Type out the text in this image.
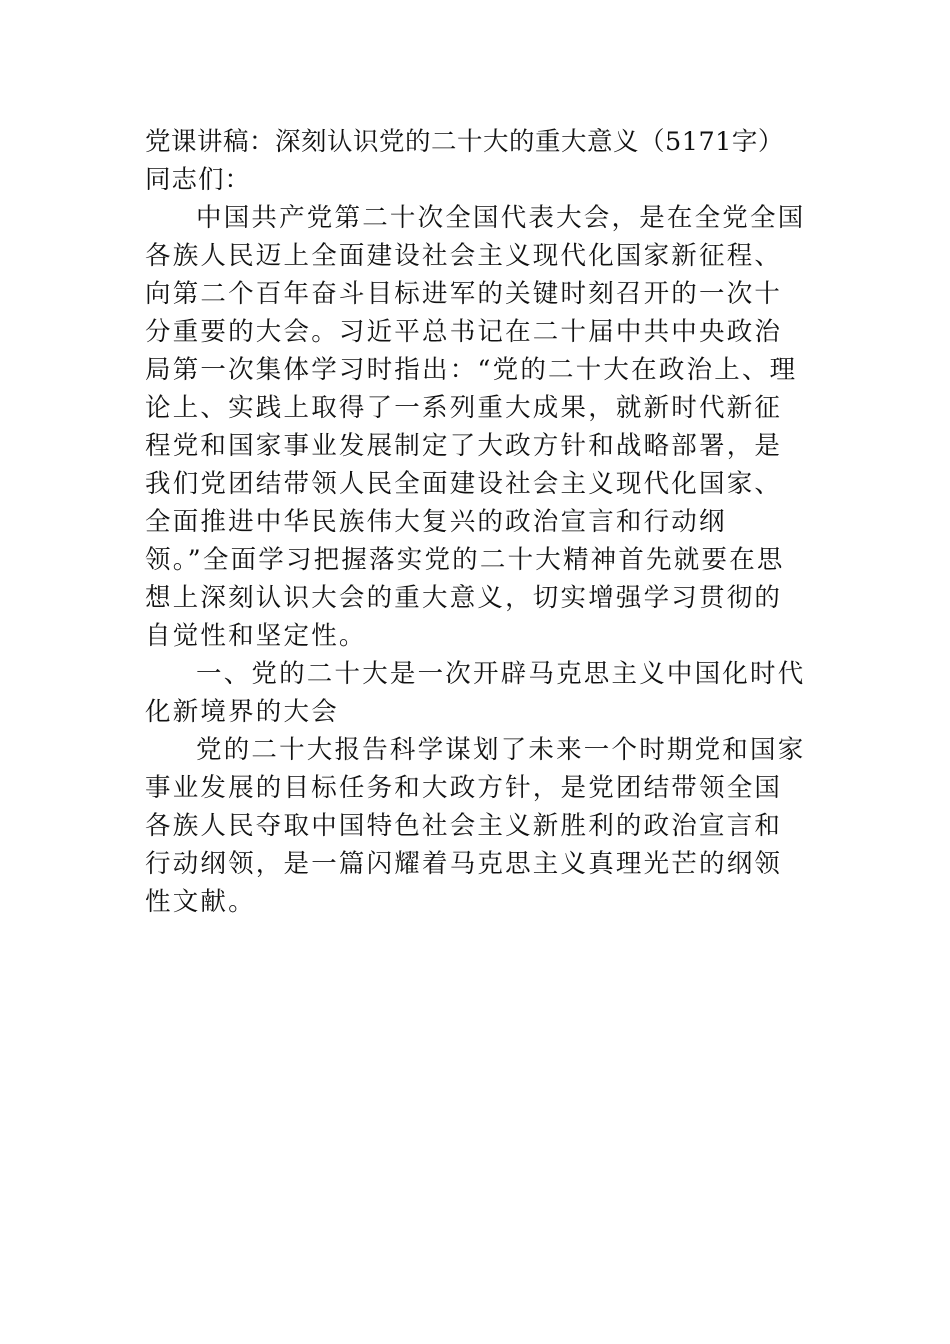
党课讲稿：深刻认识党的二十大的重大意义（5171字）
同志们：

中国共产党第二十次全国代表大会，是在全党全国各族人民迈上全面建设社会主义现代化国家新征程、向第二个百年奋斗目标进军的关键时刻召开的一次十分重要的大会。习近平总书记在二十届中共中央政治局第一次集体学习时指出：“党的二十大在政治上、理论上、实践上取得了一系列重大成果，就新时代新征程党和国家事业发展制定了大政方针和战略部署，是我们党团结带领人民全面建设社会主义现代化国家、全面推进中华民族伟大复兴的政治宣言和行动纲领。”全面学习把握落实党的二十大精神首先就要在思想上深刻认识大会的重大意义，切实增强学习贯彻的自觉性和坚定性。

一、党的二十大是一次开辟马克思主义中国化时代化新境界的大会

党的二十大报告科学谋划了未来一个时期党和国家事业发展的目标任务和大政方针，是党团结带领全国各族人民夺取中国特色社会主义新胜利的政治宣言和行动纲领，是一篇闪耀着马克思主义真理光芒的纲领性文献。
